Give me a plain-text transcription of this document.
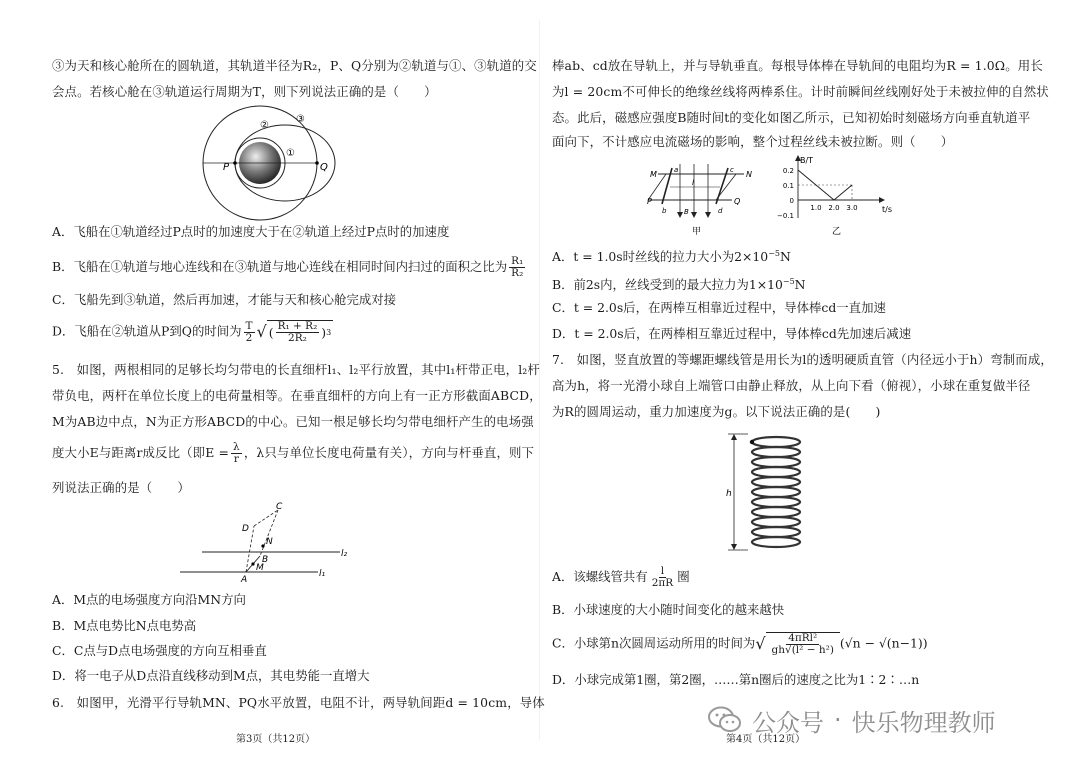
③为天和核心舱所在的圆轨道，其轨道半径为R₂，P、Q分别为②轨道与①、③轨道的交
会点。若核心舱在③轨道运行周期为T，则下列说法正确的是（　　）
P	Q
①
②
③
A．飞船在①轨道经过P点时的加速度大于在②轨道上经过P点时的加速度
B．飞船在①轨道与地心连线和在③轨道与地心连线在相同时间内扫过的面积之比为 $\frac{\text{R₁}}{\text{R₂}}$
C．飞船先到③轨道，然后再加速，才能与天和核心舱完成对接
D．飞船在②轨道从P到Q的时间为 $\frac{T}{2}$ √ ( $\frac{\text{R₁ + R₂}}{\text{2R₂}}$ ) 3
5.　如图，两根相同的足够长均匀带电的长直细杆l₁、l₂平行放置，其中l₁杆带正电，l₂杆
带负电，两杆在单位长度上的电荷量相等。在垂直细杆的方向上有一正方形截面ABCD，
M为AB边中点，N为正方形ABCD的中心。已知一根足够长均匀带电细杆产生的电场强
度大小E与距离r成反比（即$E = \frac{\lambda}{r}$ ，λ只与单位长度电荷量有关），方向与杆垂直，则下
列说法正确的是（　　）
A
B
C
D
M
N
l₂
l₁
A．M点的电场强度方向沿MN方向
B．M点电势比N点电势高
C．C点与D点电场强度的方向互相垂直
D．将一电子从D点沿直线移动到M点，其电势能一直增大
6.　如图甲，光滑平行导轨MN、PQ水平放置，电阻不计，两导轨间距d = 10cm，导体
第3页（共12页）
棒ab、cd放在导轨上，并与导轨垂直。每根导体棒在导轨间的电阻均为R = 1.0Ω。用长
为l = 20cm不可伸长的绝缘丝线将两棒系住。计时前瞬间丝线刚好处于未被拉伸的自然状
态。此后，磁感应强度B随时间t的变化如图乙所示，已知初始时刻磁场方向垂直轨道平
面向下，不计感应电流磁场的影响，整个过程丝线未被拉断。则（　　）
M	N
P	Q
a
b
c
d
l
B
甲
0.2
0.1
0
−0.1
1.0 2.0 3.0
B/T
t/s
乙
A．t = 1.0s时丝线的拉力大小为$2\times 10^{-5}N$
B．前2s内，丝线受到的最大拉力为$1\times 10^{-5}N$
C．t = 2.0s后，在两棒互相靠近过程中，导体棒cd一直加速
D．t = 2.0s后，在两棒相互靠近过程中，导体棒cd先加速后减速
7.　如图，竖直放置的等螺距螺线管是用长为l的透明硬质直管（内径远小于h）弯制而成，
高为h，将一光滑小球自上端管口由静止释放，从上向下看（俯视），小球在重复做半径
为R的圆周运动，重力加速度为g。以下说法正确的是(　　)
h
A．该螺线管共有 $\frac{l}{2\pi R}$ 圈
B．小球速度的大小随时间变化的越来越快
C．小球第n次圆周运动所用的时间为 √ $\frac{\text{4πRl²}}{\text{gh√(l² − h²)}} (√n - √(n-1))$
D．小球完成第1圈，第2圈，……第n圈后的速度之比为1∶2∶…n
第4页（共12页）
公众号 · 快乐物理教师
